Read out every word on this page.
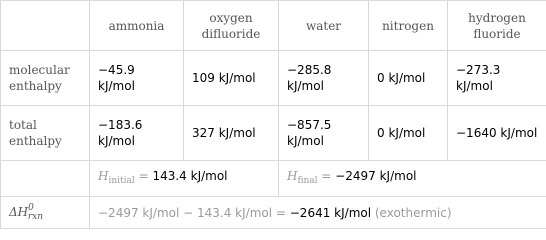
	ammonia	oxygen difluoride	water	nitrogen	hydrogen fluoride
molecular enthalpy	−45.9 kJ/mol	109 kJ/mol	−285.8 kJ/mol	0 kJ/mol	−273.3 kJ/mol
total enthalpy	−183.6 kJ/mol	327 kJ/mol	−857.5 kJ/mol	0 kJ/mol	−1640 kJ/mol
	$H_{initial} = 143.4$ kJ/mol		$H_{final} = -2497$ kJ/mol		
$\Delta H^0_{rxn}$	−2497 kJ/mol − 143.4 kJ/mol = −2641 kJ/mol (exothermic)				
